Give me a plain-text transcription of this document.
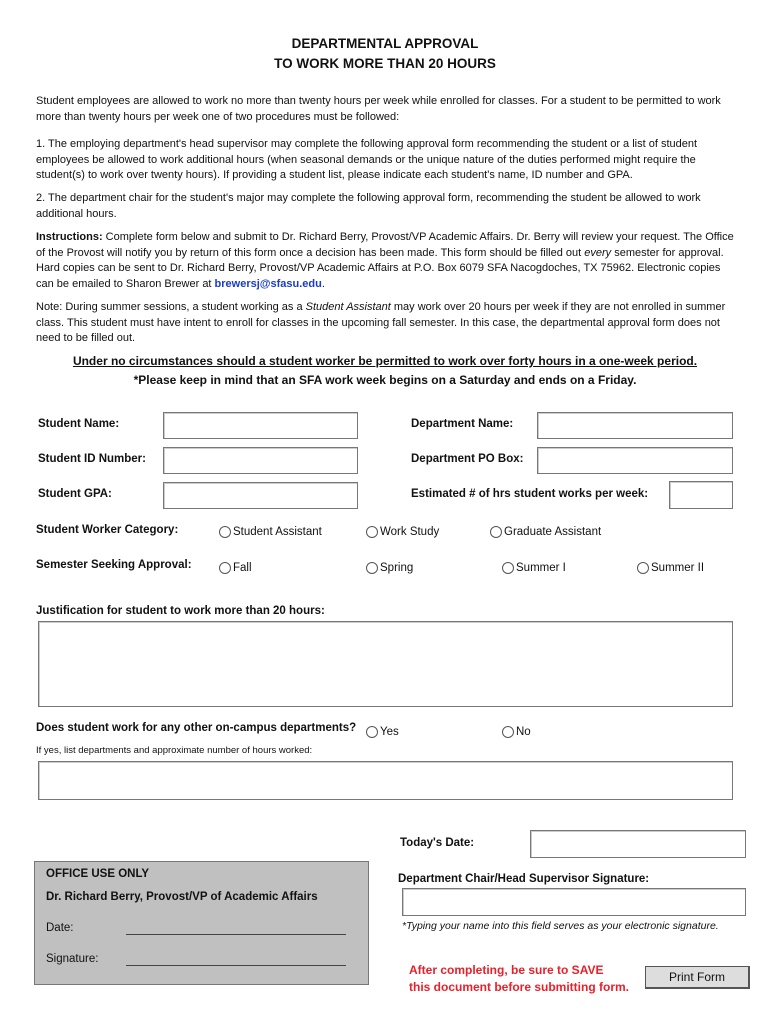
DEPARTMENTAL APPROVAL
TO WORK MORE THAN 20 HOURS
Student employees are allowed to work no more than twenty hours per week while enrolled for classes. For a student to be permitted to work more than twenty hours per week one of two procedures must be followed:
1. The employing department's head supervisor may complete the following approval form recommending the student or a list of student employees be allowed to work additional hours (when seasonal demands or the unique nature of the duties performed might require the student(s) to work over twenty hours). If providing a student list, please indicate each student's name, ID number and GPA.
2. The department chair for the student's major may complete the following approval form, recommending the student be allowed to work additional hours.
Instructions: Complete form below and submit to Dr. Richard Berry, Provost/VP Academic Affairs. Dr. Berry will review your request. The Office of the Provost will notify you by return of this form once a decision has been made. This form should be filled out every semester for approval. Hard copies can be sent to Dr. Richard Berry, Provost/VP Academic Affairs at P.O. Box 6079 SFA Nacogdoches, TX 75962. Electronic copies can be emailed to Sharon Brewer at brewersj@sfasu.edu.
Note: During summer sessions, a student working as a Student Assistant may work over 20 hours per week if they are not enrolled in summer class. This student must have intent to enroll for classes in the upcoming fall semester. In this case, the departmental approval form does not need to be filled out.
Under no circumstances should a student worker be permitted to work over forty hours in a one-week period.
*Please keep in mind that an SFA work week begins on a Saturday and ends on a Friday.
Student Name:	Department Name:
Student ID Number:	Department PO Box:
Student GPA:	Estimated # of hrs student works per week:
Student Worker Category:	Student Assistant	Work Study	Graduate Assistant
Semester Seeking Approval:	Fall	Spring	Summer I	Summer II
Justification for student to work more than 20 hours:
Does student work for any other on-campus departments? Yes	No
If yes, list departments and approximate number of hours worked:
Today's Date:
OFFICE USE ONLY
Dr. Richard Berry, Provost/VP of Academic Affairs
Date:
Signature:
Department Chair/Head Supervisor Signature:
*Typing your name into this field serves as your electronic signature.
After completing, be sure to SAVE
this document before submitting form.
Print Form
